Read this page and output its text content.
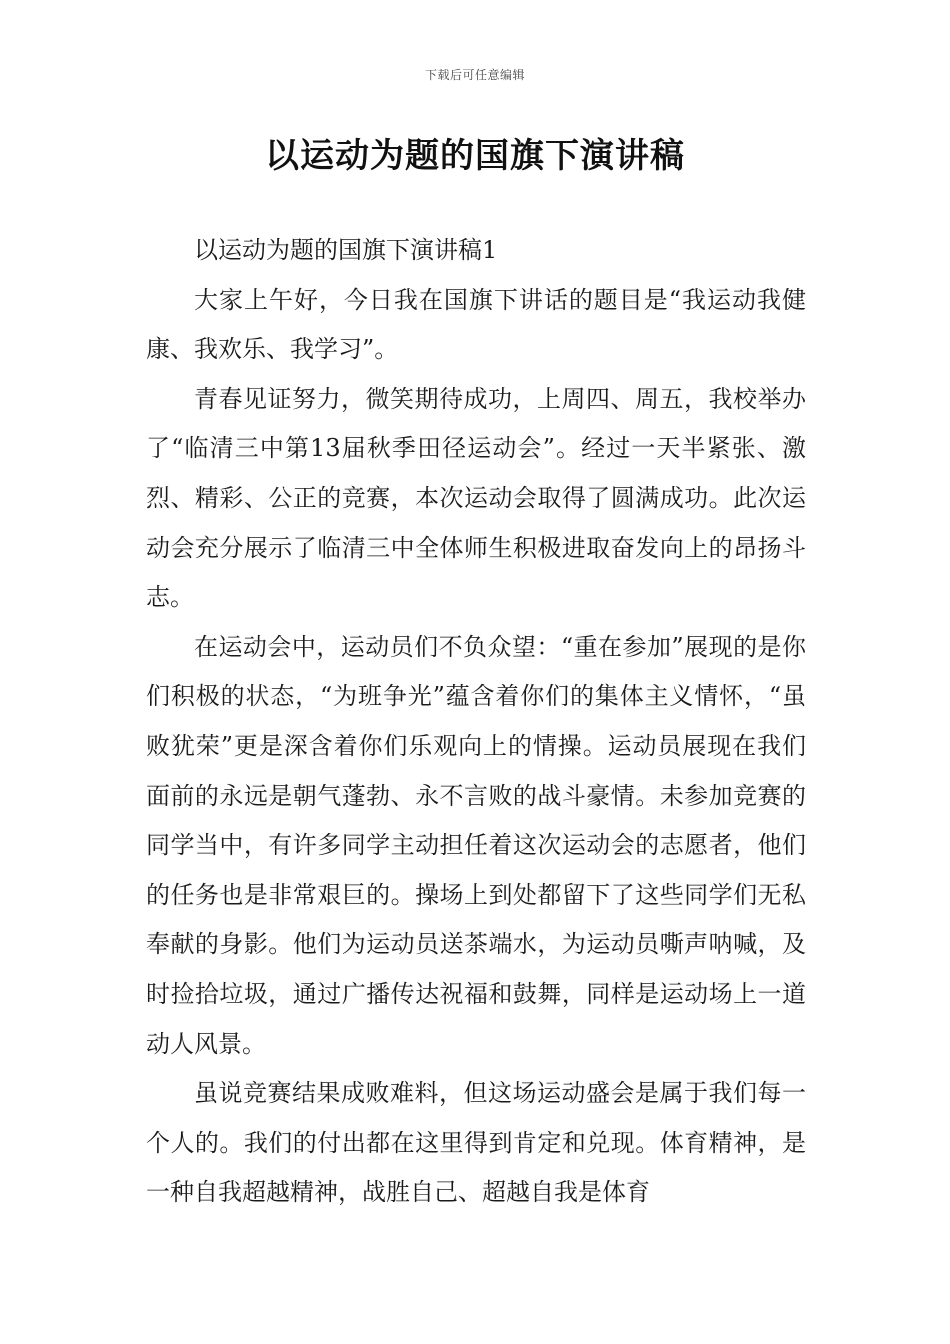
下载后可任意编辑
以运动为题的国旗下演讲稿

以运动为题的国旗下演讲稿1

大家上午好，今日我在国旗下讲话的题目是“我运动我健康、我欢乐、我学习”。

青春见证努力，微笑期待成功，上周四、周五，我校举办了“临清三中第13届秋季田径运动会”。经过一天半紧张、激烈、精彩、公正的竞赛，本次运动会取得了圆满成功。此次运动会充分展示了临清三中全体师生积极进取奋发向上的昂扬斗志。

在运动会中，运动员们不负众望：“重在参加”展现的是你们积极的状态，“为班争光”蕴含着你们的集体主义情怀，“虽败犹荣”更是深含着你们乐观向上的情操。运动员展现在我们面前的永远是朝气蓬勃、永不言败的战斗豪情。未参加竞赛的同学当中，有许多同学主动担任着这次运动会的志愿者，他们的任务也是非常艰巨的。操场上到处都留下了这些同学们无私奉献的身影。他们为运动员送茶端水，为运动员嘶声呐喊，及时捡拾垃圾，通过广播传达祝福和鼓舞，同样是运动场上一道动人风景。

虽说竞赛结果成败难料，但这场运动盛会是属于我们每一个人的。我们的付出都在这里得到肯定和兑现。体育精神，是一种自我超越精神，战胜自己、超越自我是体育
